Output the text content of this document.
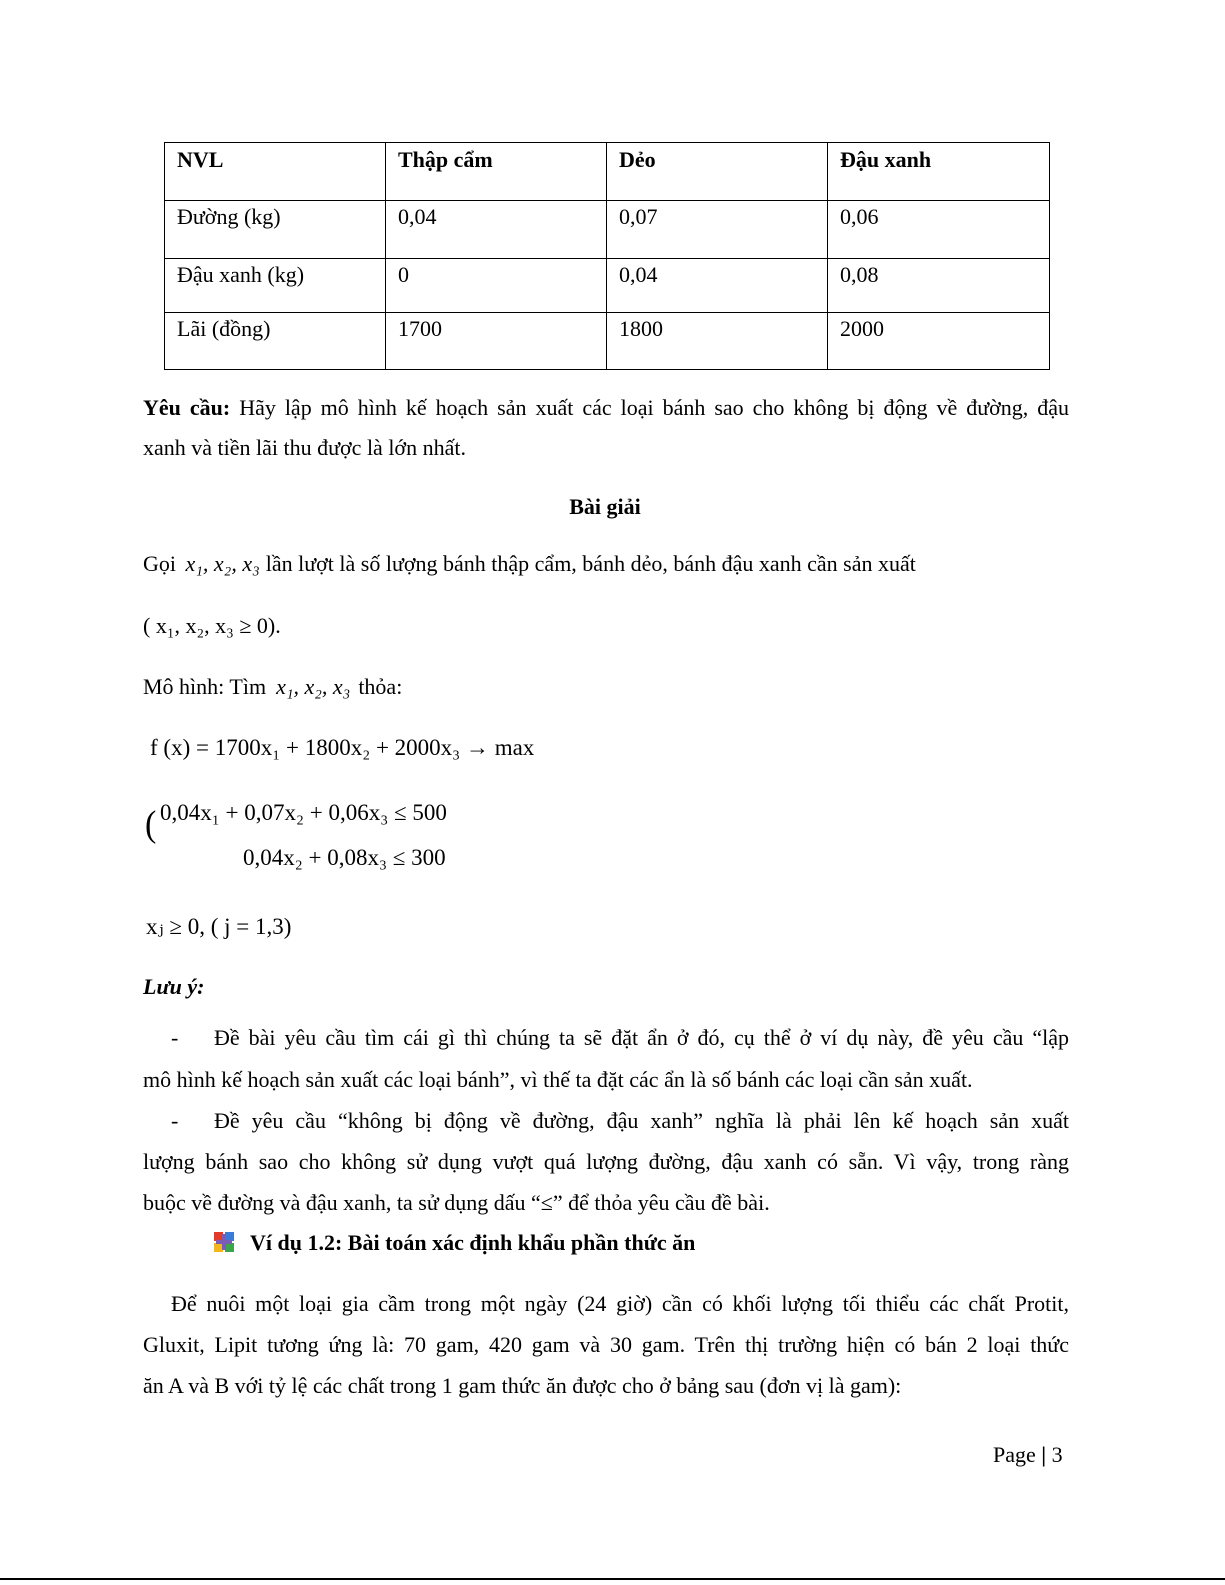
NVL	Thập cẩm	Dẻo	Đậu xanh
Đường (kg)	0,04	0,07	0,06
Đậu xanh (kg)	0	0,04	0,08
Lãi (đồng)	1700	1800	2000
Yêu cầu: Hãy lập mô hình kế hoạch sản xuất các loại bánh sao cho không bị động về đường, đậu
xanh và tiền lãi thu được là lớn nhất.
Bài giải
Gọi x₁, x₂, x₃ lần lượt là số lượng bánh thập cẩm, bánh dẻo, bánh đậu xanh cần sản xuất
( x₁, x₂, x₃ ≥ 0).
Mô hình: Tìm x₁, x₂, x₃ thỏa:
f (x) = 1700x₁ + 1800x₂ + 2000x₃ → max
( 0,04x₁ + 0,07x₂ + 0,06x₃ ≤ 500
0,04x₂ + 0,08x₃ ≤ 300
xⱼ ≥ 0, ( j = 1,3)
Lưu ý:
- Đề bài yêu cầu tìm cái gì thì chúng ta sẽ đặt ẩn ở đó, cụ thể ở ví dụ này, đề yêu cầu “lập
mô hình kế hoạch sản xuất các loại bánh”, vì thế ta đặt các ẩn là số bánh các loại cần sản xuất.
- Đề yêu cầu “không bị động về đường, đậu xanh” nghĩa là phải lên kế hoạch sản xuất
lượng bánh sao cho không sử dụng vượt quá lượng đường, đậu xanh có sẵn. Vì vậy, trong ràng
buộc về đường và đậu xanh, ta sử dụng dấu “≤” để thỏa yêu cầu đề bài.
Ví dụ 1.2: Bài toán xác định khẩu phần thức ăn
Để nuôi một loại gia cầm trong một ngày (24 giờ) cần có khối lượng tối thiểu các chất Protit,
Gluxit, Lipit tương ứng là: 70 gam, 420 gam và 30 gam. Trên thị trường hiện có bán 2 loại thức
ăn A và B với tỷ lệ các chất trong 1 gam thức ăn được cho ở bảng sau (đơn vị là gam):
Page | 3
